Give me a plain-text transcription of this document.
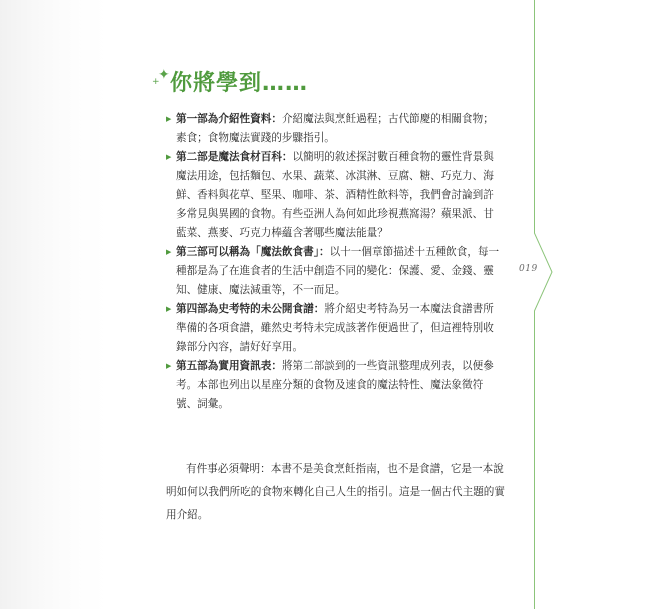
019
✦
+ 你將學到……
▶ 第一部為介紹性資料：介紹魔法與烹飪過程；古代節慶的相關食物；素食；食物魔法實踐的步驟指引。
▶ 第二部是魔法食材百科：以簡明的敘述探討數百種食物的靈性背景與魔法用途，包括麵包、水果、蔬菜、冰淇淋、豆腐、糖、巧克力、海鮮、香料與花草、堅果、咖啡、茶、酒精性飲料等，我們會討論到許多常見與異國的食物。有些亞洲人為何如此珍視燕窩湯？蘋果派、甘藍菜、燕麥、巧克力棒蘊含著哪些魔法能量？
▶ 第三部可以稱為「魔法飲食書」：以十一個章節描述十五種飲食，每一種都是為了在進食者的生活中創造不同的變化：保護、愛、金錢、靈知、健康、魔法減重等，不一而足。
▶ 第四部為史考特的未公開食譜：將介紹史考特為另一本魔法食譜書所準備的各項食譜，雖然史考特未完成該著作便過世了，但這裡特別收錄部分內容，請好好享用。
▶ 第五部為實用資訊表：將第二部談到的一些資訊整理成列表，以便參考。本部也列出以星座分類的食物及速食的魔法特性、魔法象徵符號、詞彙。
有件事必須聲明：本書不是美食烹飪指南，也不是食譜，它是一本說明如何以我們所吃的食物來轉化自己人生的指引。這是一個古代主題的實用介紹。
